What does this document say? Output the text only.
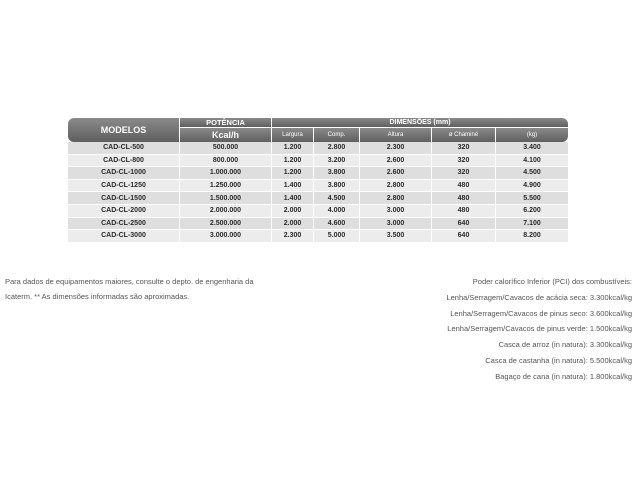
MODELOS	POTÊNCIA	DIMENSÕES (mm)				
	Kcal/h	Largura	Comp.	Altura	ø Chaminé	(kg)
CAD-CL-500	500.000	1.200	2.800	2.300	320	3.400
CAD-CL-800	800.000	1.200	3.200	2.600	320	4.100
CAD-CL-1000	1.000.000	1.200	3.800	2.600	320	4.500
CAD-CL-1250	1.250.000	1.400	3.800	2.800	480	4.900
CAD-CL-1500	1.500.000	1.400	4.500	2.800	480	5.500
CAD-CL-2000	2.000.000	2.000	4.000	3.000	480	6.200
CAD-CL-2500	2.500.000	2.000	4.600	3.000	640	7.100
CAD-CL-3000	3.000.000	2.300	5.000	3.500	640	8.200
Para dados de equipamentos maiores, consulte o depto. de engenharia da
Icaterm. ** As dimensões informadas são aproximadas.
Poder calorífico Inferior (PCI) dos combustíveis:
Lenha/Serragem/Cavacos de acácia seca: 3.300kcal/kg
Lenha/Serragem/Cavacos de pinus seco: 3.600kcal/kg
Lenha/Serragem/Cavacos de pinus verde: 1.500kcal/kg
Casca de arroz (in natura): 3.300kcal/kg
Casca de castanha (in natura): 5.500kcal/kg
Bagaço de cana (in natura): 1.800kcal/kg
